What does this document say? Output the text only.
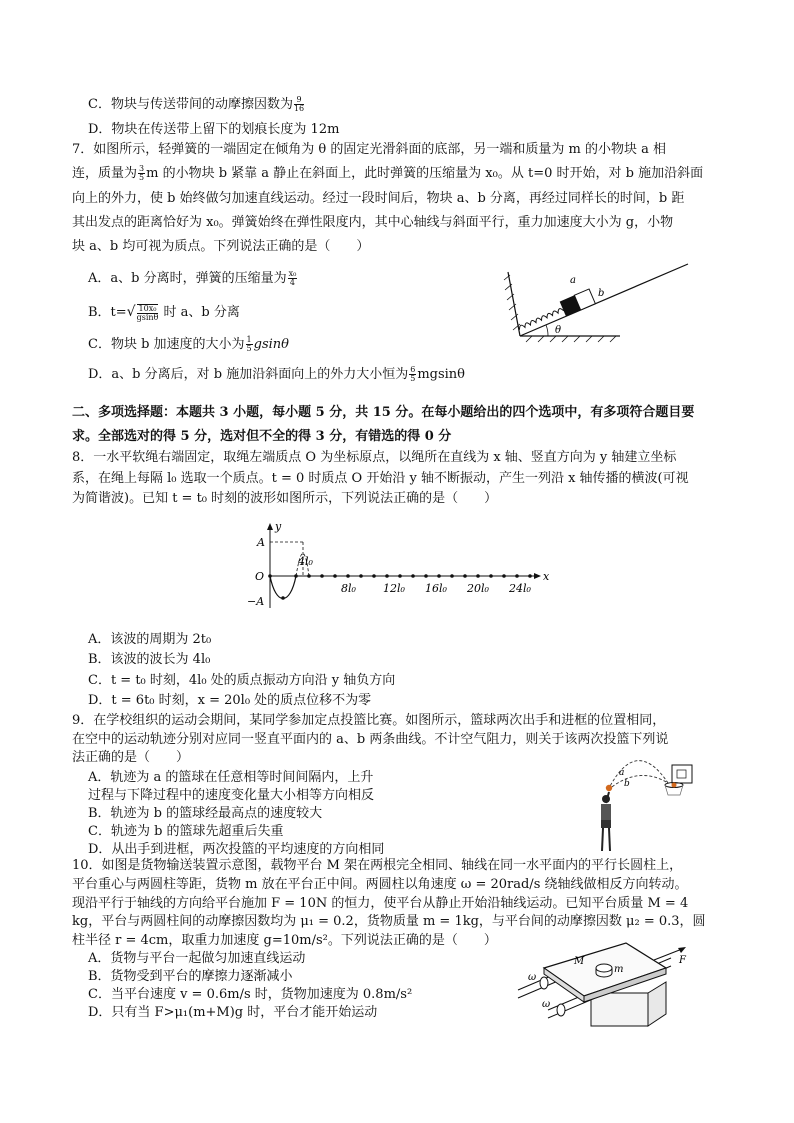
C．物块与传送带间的动摩擦因数为 $\frac{9}{16}$
D．物块在传送带上留下的划痕长度为 12m
7．如图所示，轻弹簧的一端固定在倾角为 θ 的固定光滑斜面的底部，另一端和质量为 m 的小物块 a 相
连，质量为 $\frac{3}{5}$ m 的小物块 b 紧靠 a 静止在斜面上，此时弹簧的压缩量为 x₀。从 t=0 时开始，对 b 施加沿斜面
向上的外力，使 b 始终做匀加速直线运动。经过一段时间后，物块 a、b 分离，再经过同样长的时间，b 距
其出发点的距离恰好为 x₀。弹簧始终在弹性限度内，其中心轴线与斜面平行，重力加速度大小为 g，小物
块 a、b 均可视为质点。下列说法正确的是（　　）
A．a、b 分离时，弹簧的压缩量为 $\frac{\text{x₀}}{4}$
B．$t=√ \frac{\text{10x₀}}{gsin\theta}$ 时 a、b 分离
C．物块 b 加速度的大小为 $\frac{1}{5}$ gsinθ
D．a、b 分离后，对 b 施加沿斜面向上的外力大小恒为 $\frac{6}{5}$ mgsinθ
θ
a
b
二、多项选择题：本题共 3 小题，每小题 5 分，共 15 分。在每小题给出的四个选项中，有多项符合题目要
求。全部选对的得 5 分，选对但不全的得 3 分，有错选的得 0 分
8．一水平软绳右端固定，取绳左端质点 O 为坐标原点，以绳所在直线为 x 轴、竖直方向为 y 轴建立坐标
系，在绳上每隔 l₀ 选取一个质点。t = 0 时质点 O 开始沿 y 轴不断振动，产生一列沿 x 轴传播的横波(可视
为简谐波)。已知 t = t₀ 时刻的波形如图所示，下列说法正确的是（　　）
y
x
A
−A
O
4l₀
8l₀ 12l₀ 16l₀ 20l₀ 24l₀
A．该波的周期为 2t₀
B．该波的波长为 4l₀
C．t = t₀ 时刻，4l₀ 处的质点振动方向沿 y 轴负方向
D．t = 6t₀ 时刻，x = 20l₀ 处的质点位移不为零
9．在学校组织的运动会期间，某同学参加定点投篮比赛。如图所示，篮球两次出手和进框的位置相同，
在空中的运动轨迹分别对应同一竖直平面内的 a、b 两条曲线。不计空气阻力，则关于该两次投篮下列说
法正确的是（　　）
A．轨迹为 a 的篮球在任意相等时间间隔内，上升
过程与下降过程中的速度变化量大小相等方向相反
B．轨迹为 b 的篮球经最高点的速度较大
C．轨迹为 b 的篮球先超重后失重
D．从出手到进框，两次投篮的平均速度的方向相同
a
b
10．如图是货物输送装置示意图，载物平台 M 架在两根完全相同、轴线在同一水平面内的平行长圆柱上，
平台重心与两圆柱等距，货物 m 放在平台正中间。两圆柱以角速度 ω = 20rad/s 绕轴线做相反方向转动。
现沿平行于轴线的方向给平台施加 F = 10N 的恒力，使平台从静止开始沿轴线运动。已知平台质量 M = 4
kg，平台与两圆柱间的动摩擦因数均为 μ₁ = 0.2，货物质量 m = 1kg，与平台间的动摩擦因数 μ₂ = 0.3，圆
柱半径 r = 4cm，取重力加速度 g=10m/s²。下列说法正确的是（　　）
A．货物与平台一起做匀加速直线运动
B．货物受到平台的摩擦力逐渐减小
C．当平台速度 v = 0.6m/s 时，货物加速度为 0.8m/s²
D．只有当 F>μ₁(m+M)g 时，平台才能开始运动
M
m
F
ω
ω
